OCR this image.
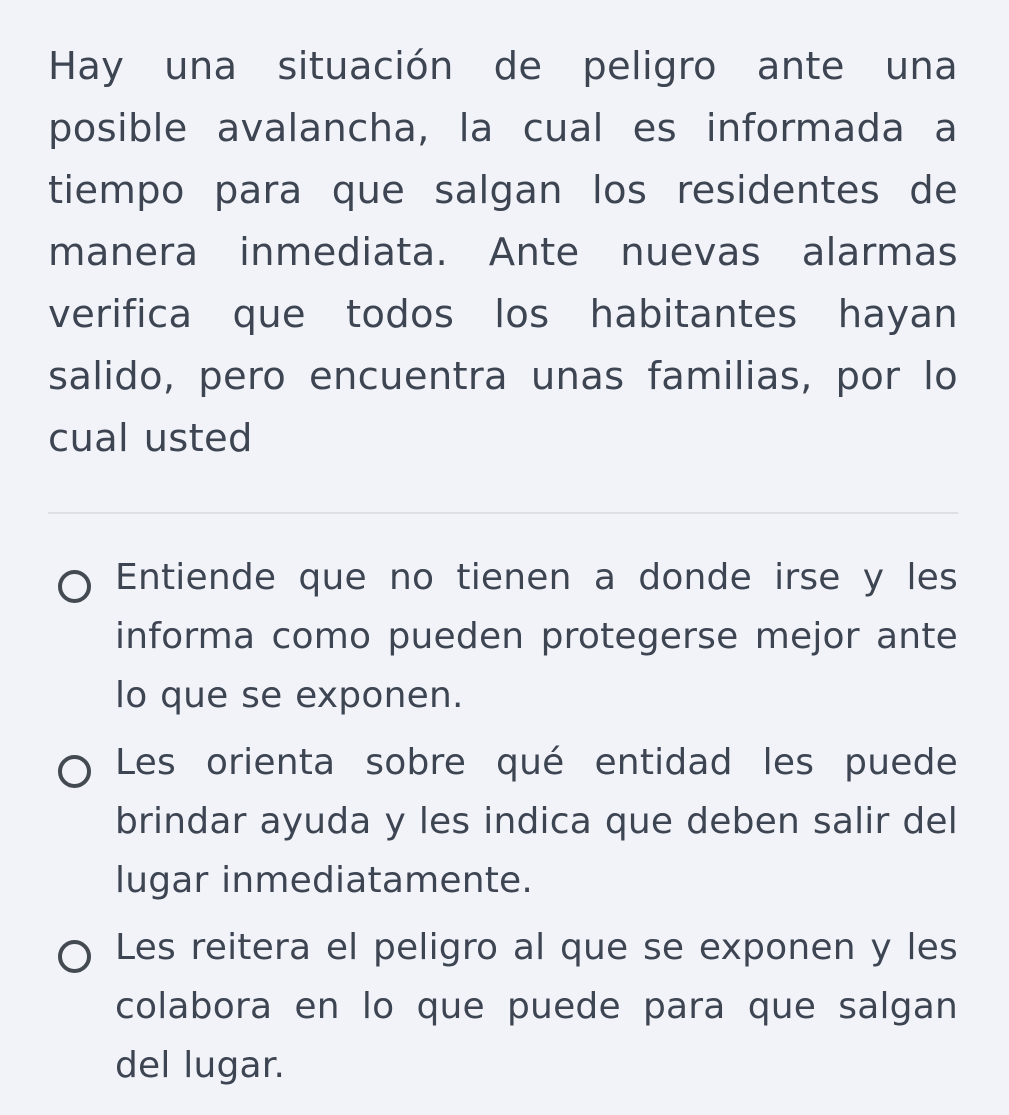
Hay una situación de peligro ante una posible avalancha, la cual es informada a tiempo para que salgan los residentes de manera inmediata. Ante nuevas alarmas verifica que todos los habitantes hayan salido, pero encuentra unas familias, por lo cual usted
Entiende que no tienen a donde irse y les informa como pueden protegerse mejor ante lo que se exponen.
Les orienta sobre qué entidad les puede brindar ayuda y les indica que deben salir del lugar inmediatamente.
Les reitera el peligro al que se exponen y les colabora en lo que puede para que salgan del lugar.
